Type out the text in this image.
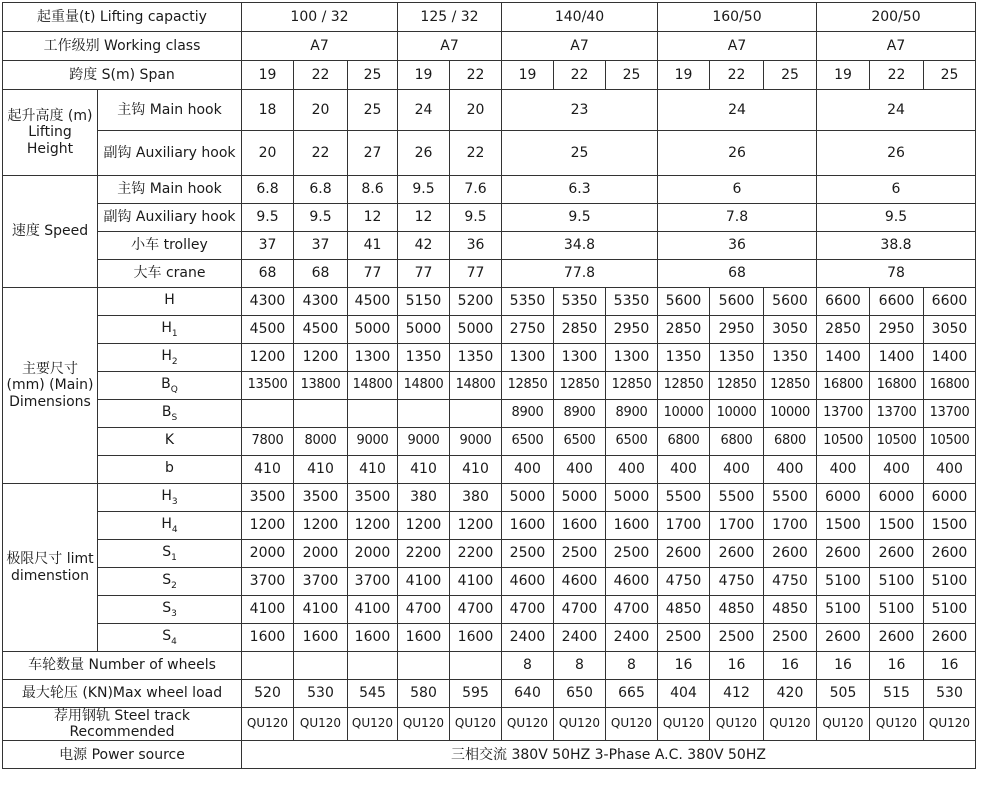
起重量(t) Lifting capactiy		100 / 32			125 / 32		140/40			160/50			200/50		
工作级别 Working class		A7			A7		A7			A7			A7		
跨度 S(m) Span		19	22	25	19	22	19	22	25	19	22	25	19	22	25
起升高度 (m) Lifting Height	主钩 Main hook	18	20	25	24	20	23			24			24		
	副钩 Auxiliary hook	20	22	27	26	22	25			26			26		
速度 Speed	主钩 Main hook	6.8	6.8	8.6	9.5	7.6	6.3			6			6		
	副钩 Auxiliary hook	9.5	9.5	12	12	9.5	9.5			7.8			9.5		
	小车 trolley	37	37	41	42	36	34.8			36			38.8		
	大车 crane	68	68	77	77	77	77.8			68			78		
主要尺寸 (mm) (Main) Dimensions	H	4300	4300	4500	5150	5200	5350	5350	5350	5600	5600	5600	6600	6600	6600
	$H_1$	4500	4500	5000	5000	5000	2750	2850	2950	2850	2950	3050	2850	2950	3050
	$H_2$	1200	1200	1300	1350	1350	1300	1300	1300	1350	1350	1350	1400	1400	1400
	$B_Q$	13500	13800	14800	14800	14800	12850	12850	12850	12850	12850	12850	16800	16800	16800
	$B_S$						8900	8900	8900	10000	10000	10000	13700	13700	13700
	K	7800	8000	9000	9000	9000	6500	6500	6500	6800	6800	6800	10500	10500	10500
	b	410	410	410	410	410	400	400	400	400	400	400	400	400	400
极限尺寸 limt dimenstion	$H_3$	3500	3500	3500	380	380	5000	5000	5000	5500	5500	5500	6000	6000	6000
	$H_4$	1200	1200	1200	1200	1200	1600	1600	1600	1700	1700	1700	1500	1500	1500
	$S_1$	2000	2000	2000	2200	2200	2500	2500	2500	2600	2600	2600	2600	2600	2600
	$S_2$	3700	3700	3700	4100	4100	4600	4600	4600	4750	4750	4750	5100	5100	5100
	$S_3$	4100	4100	4100	4700	4700	4700	4700	4700	4850	4850	4850	5100	5100	5100
	$S_4$	1600	1600	1600	1600	1600	2400	2400	2400	2500	2500	2500	2600	2600	2600
车轮数量 Number of wheels							8	8	8	16	16	16	16	16	16
最大轮压 (KN)Max wheel load		520	530	545	580	595	640	650	665	404	412	420	505	515	530
荐用钢轨 Steel track Recommended		QU120	QU120	QU120	QU120	QU120	QU120	QU120	QU120	QU120	QU120	QU120	QU120	QU120	QU120
电源 Power source		三相交流 380V 50HZ 3-Phase A.C. 380V 50HZ													
